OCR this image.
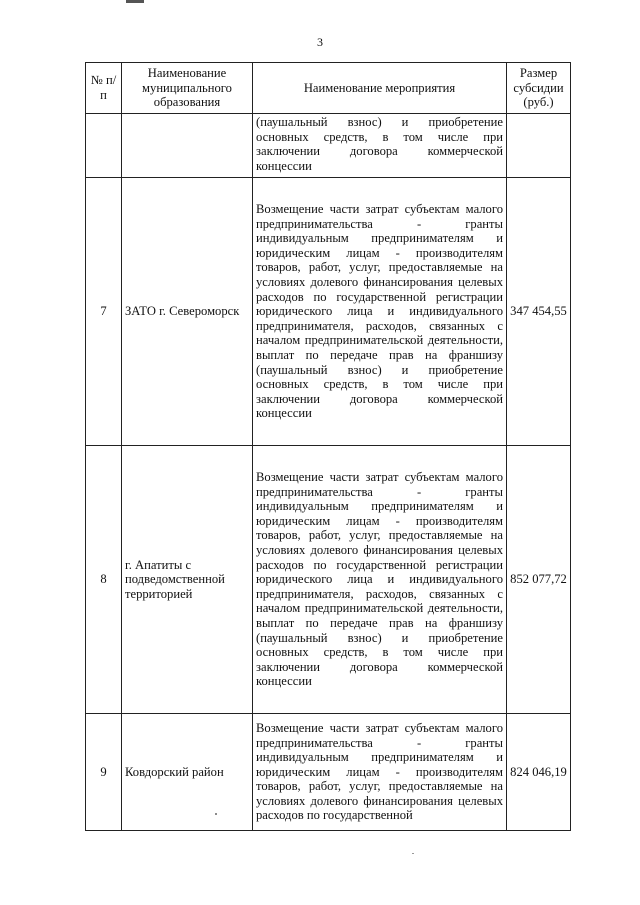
3
№ п/п	Наименование муниципального образования	Наименование мероприятия	Размер субсидии (руб.)
		(паушальный взнос) и приобретение основных средств, в том числе при заключении договора коммерческой концессии	
7	ЗАТО г. Североморск	Возмещение части затрат субъектам малого предпринимательства - гранты индивидуальным предпринимателям и юридическим лицам - производителям товаров, работ, услуг, предоставляемые на условиях долевого финансирования целевых расходов по государственной регистрации юридического лица и индивидуального предпринимателя, расходов, связанных с началом предпринимательской деятельности, выплат по передаче прав на франшизу (паушальный взнос) и приобретение основных средств, в том числе при заключении договора коммерческой концессии	347 454,55
8	г. Апатиты с подведомственной территорией	Возмещение части затрат субъектам малого предпринимательства - гранты индивидуальным предпринимателям и юридическим лицам - производителям товаров, работ, услуг, предоставляемые на условиях долевого финансирования целевых расходов по государственной регистрации юридического лица и индивидуального предпринимателя, расходов, связанных с началом предпринимательской деятельности, выплат по передаче прав на франшизу (паушальный взнос) и приобретение основных средств, в том числе при заключении договора коммерческой концессии	852 077,72
9	Ковдорский район	Возмещение части затрат субъектам малого предпринимательства - гранты индивидуальным предпринимателям и юридическим лицам - производителям товаров, работ, услуг, предоставляемые на условиях долевого финансирования целевых расходов по государственной	824 046,19
